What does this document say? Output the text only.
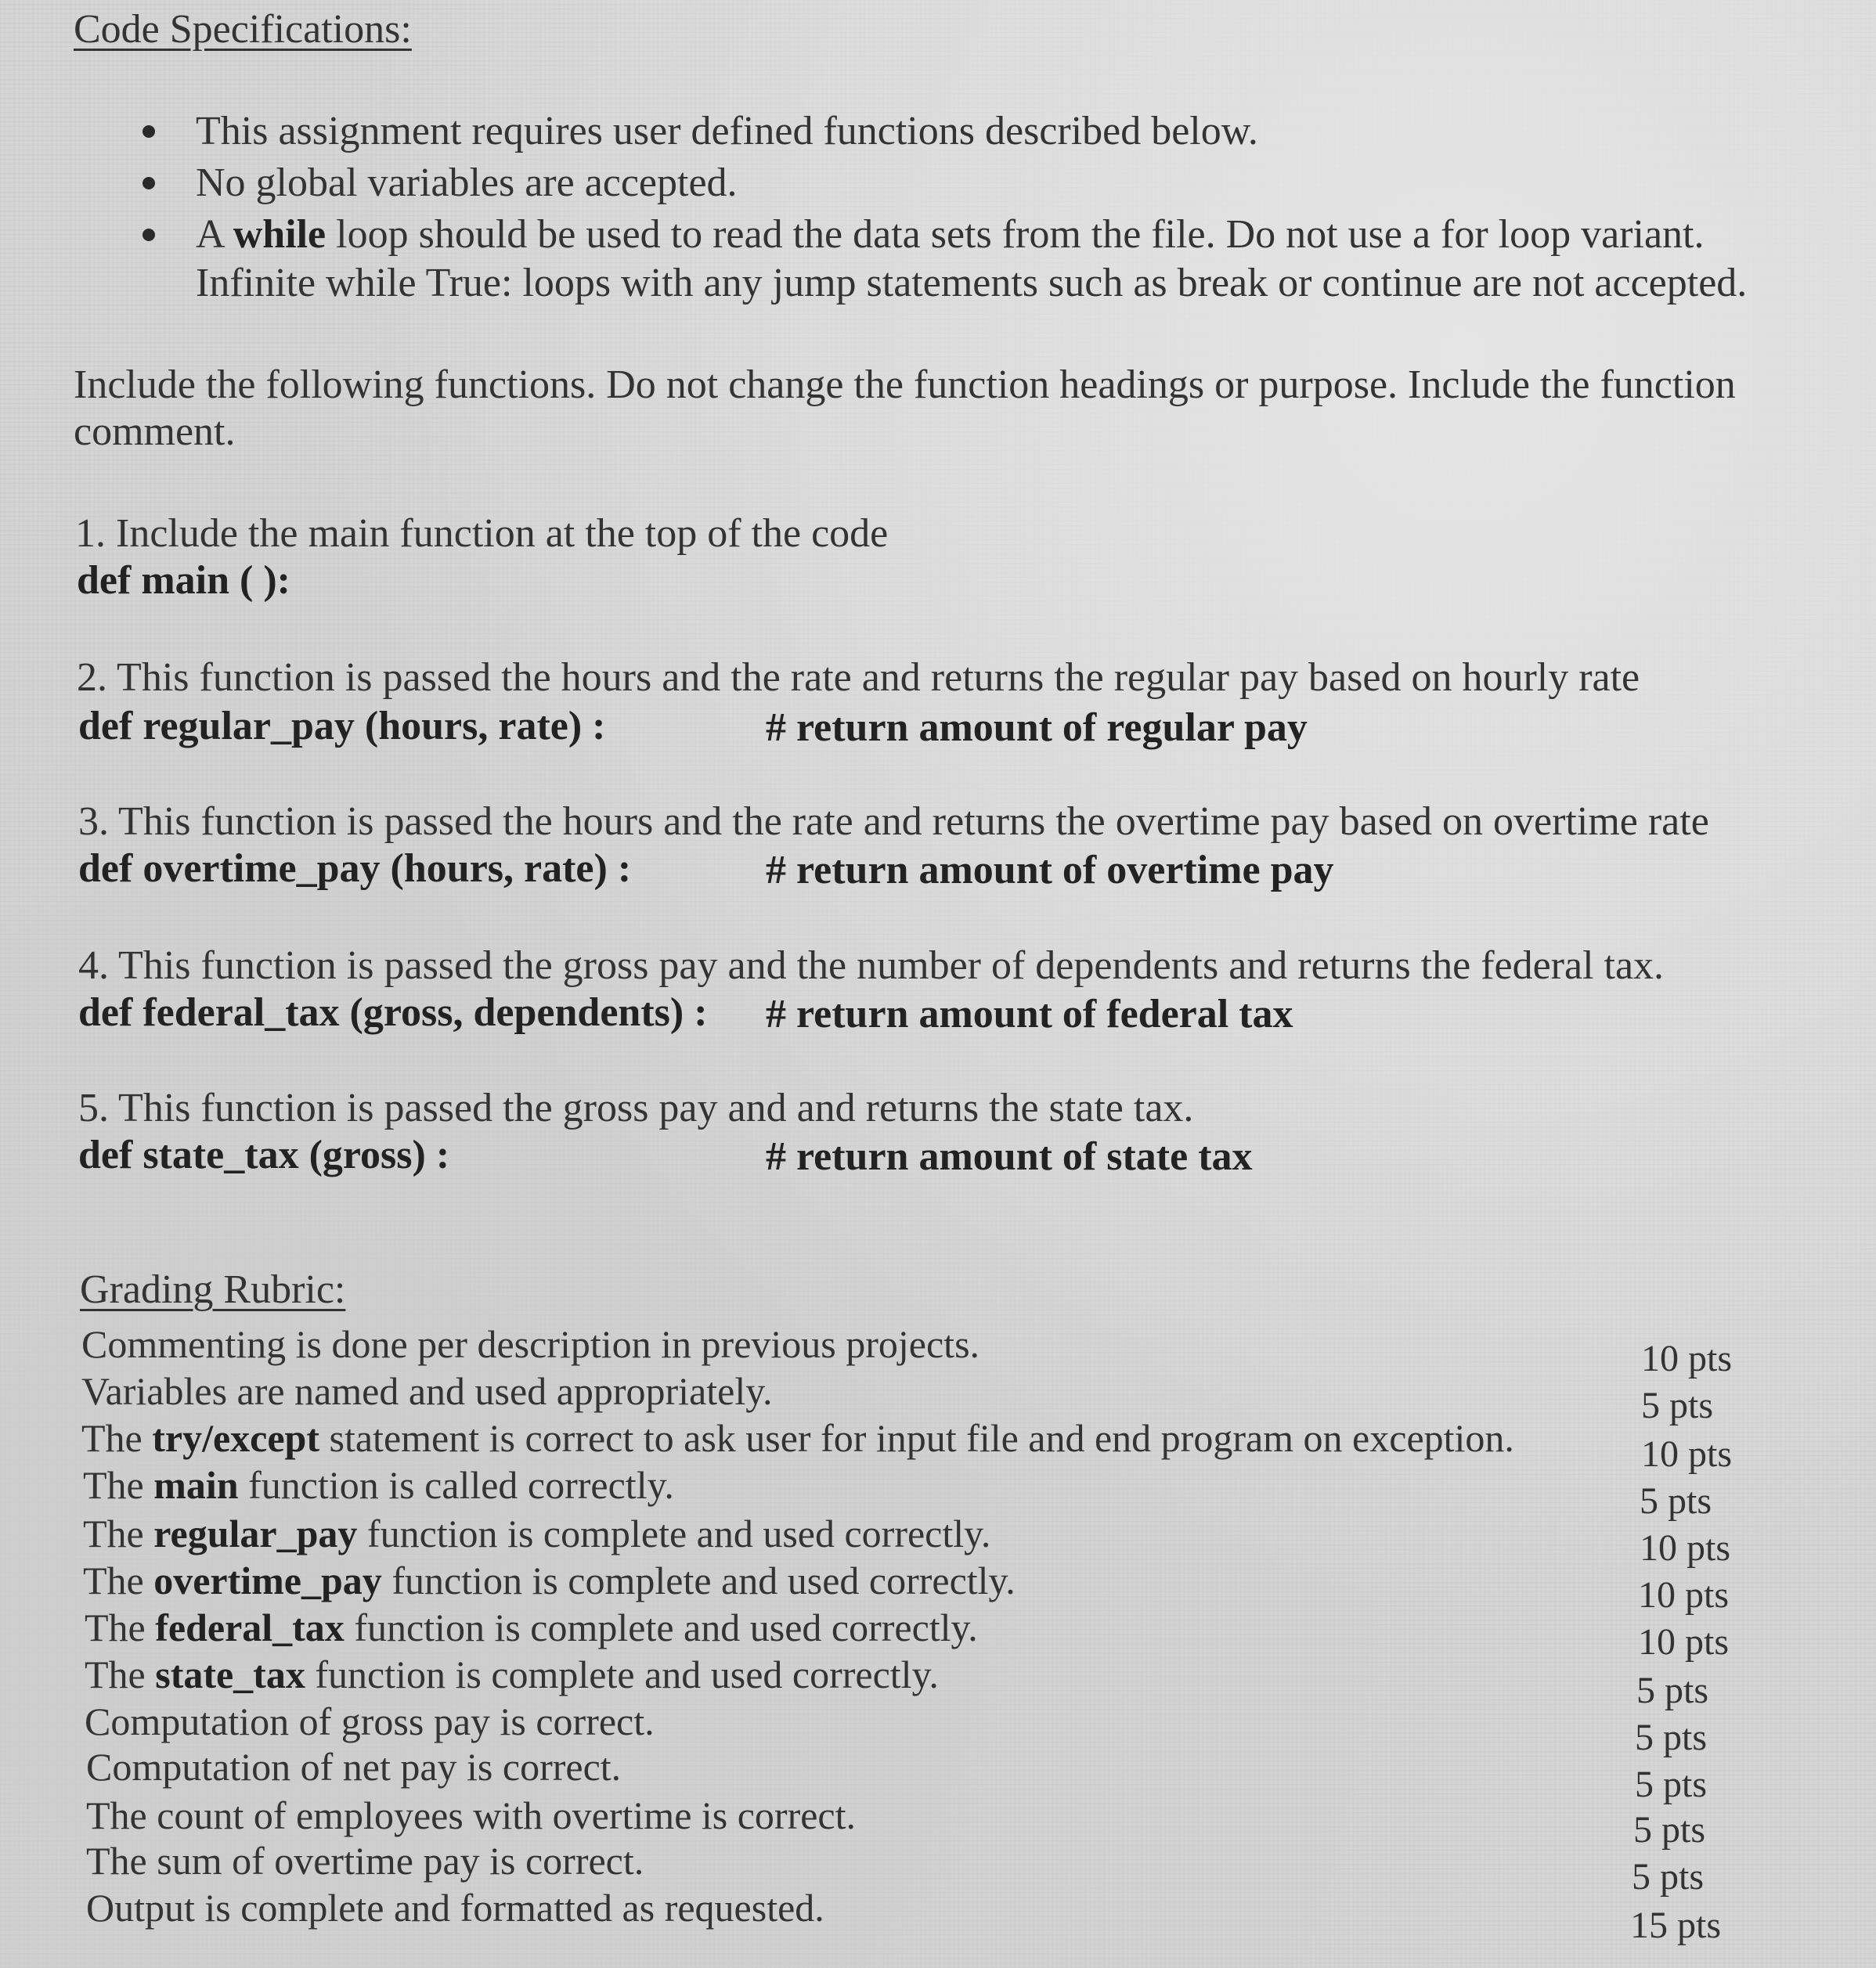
Code Specifications:
This assignment requires user defined functions described below.
No global variables are accepted.
A while loop should be used to read the data sets from the file. Do not use a for loop variant.
Infinite while True: loops with any jump statements such as break or continue are not accepted.
Include the following functions. Do not change the function headings or purpose. Include the function
comment.
1. Include the main function at the top of the code
def main ( ):
2. This function is passed the hours and the rate and returns the regular pay based on hourly rate
def regular_pay (hours, rate) :	# return amount of regular pay
3. This function is passed the hours and the rate and returns the overtime pay based on overtime rate
def overtime_pay (hours, rate) :	# return amount of overtime pay
4. This function is passed the gross pay and the number of dependents and returns the federal tax.
def federal_tax (gross, dependents) : # return amount of federal tax
5. This function is passed the gross pay and and returns the state tax.
def state_tax (gross) :	# return amount of state tax
Grading Rubric:
Commenting is done per description in previous projects.	10 pts
Variables are named and used appropriately.	5 pts
The try/except statement is correct to ask user for input file and end program on exception.	10 pts
The main function is called correctly.	5 pts
The regular_pay function is complete and used correctly.	10 pts
The overtime_pay function is complete and used correctly.	10 pts
The federal_tax function is complete and used correctly.	10 pts
The state_tax function is complete and used correctly.	5 pts
Computation of gross pay is correct.	5 pts
Computation of net pay is correct.	5 pts
The count of employees with overtime is correct.	5 pts
The sum of overtime pay is correct.	5 pts
Output is complete and formatted as requested.	15 pts
